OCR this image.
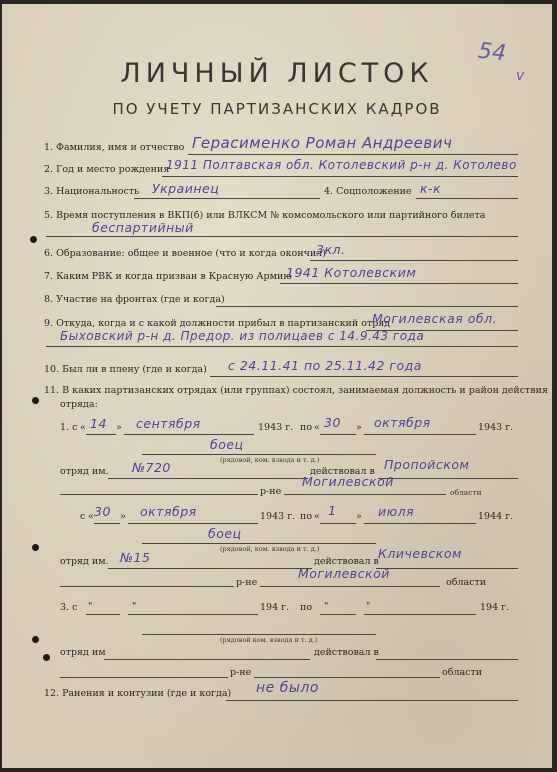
54
v
ЛИЧНЫЙ ЛИСТОК
ПО УЧЕТУ ПАРТИЗАНСКИХ КАДРОВ
1. Фамилия, имя и отчество Герасименко Роман Андреевич
2. Год и место рождения
1911 Полтавская обл. Котолевский р-н д. Котолево
3. Национальность Украинец	4. Соцположение к-к
5. Время поступления в ВКП(б) или ВЛКСМ № комсомольского или партийного билета
беспартийный
6. Образование: общее и военное (что и когда окончил)
3кл.
7. Каким РВК и когда призван в Красную Армию
1941 Котолевским
8. Участие на фронтах (где и когда)
9. Откуда, когда и с какой должности прибыл в партизанский отряд
Могилевская обл.
Быховский р-н д. Предор. из полицаев с 14.9.43 года
10. Был ли в плену (где и когда) с 24.11.41 по 25.11.42 года
11. В каких партизанских отрядах (или группах) состоял, занимаемая должность и район действия
отряда:
1. с « 14 » сентября	1943 г. по « 30 » октября	1943 г.
боец
(рядовой, ком. взвода и т. д.)
отряд им. №720	действовал в Пропойском
р-не
Могилевской
области
с « 30 » октября	1943 г. по « 1 » июля	1944 г.
боец
(рядовой, ком. взвода и т. д.)
отряд им. №15	действовал в
Кличевском
р-не
Могилевской
области
3. с "	"	194 г. по "	"	194 г.
(рядовой ком. взвода и т. д.)
отряд им	действовал в
р-не	области
12. Ранения и контузии (где и когда) не было
